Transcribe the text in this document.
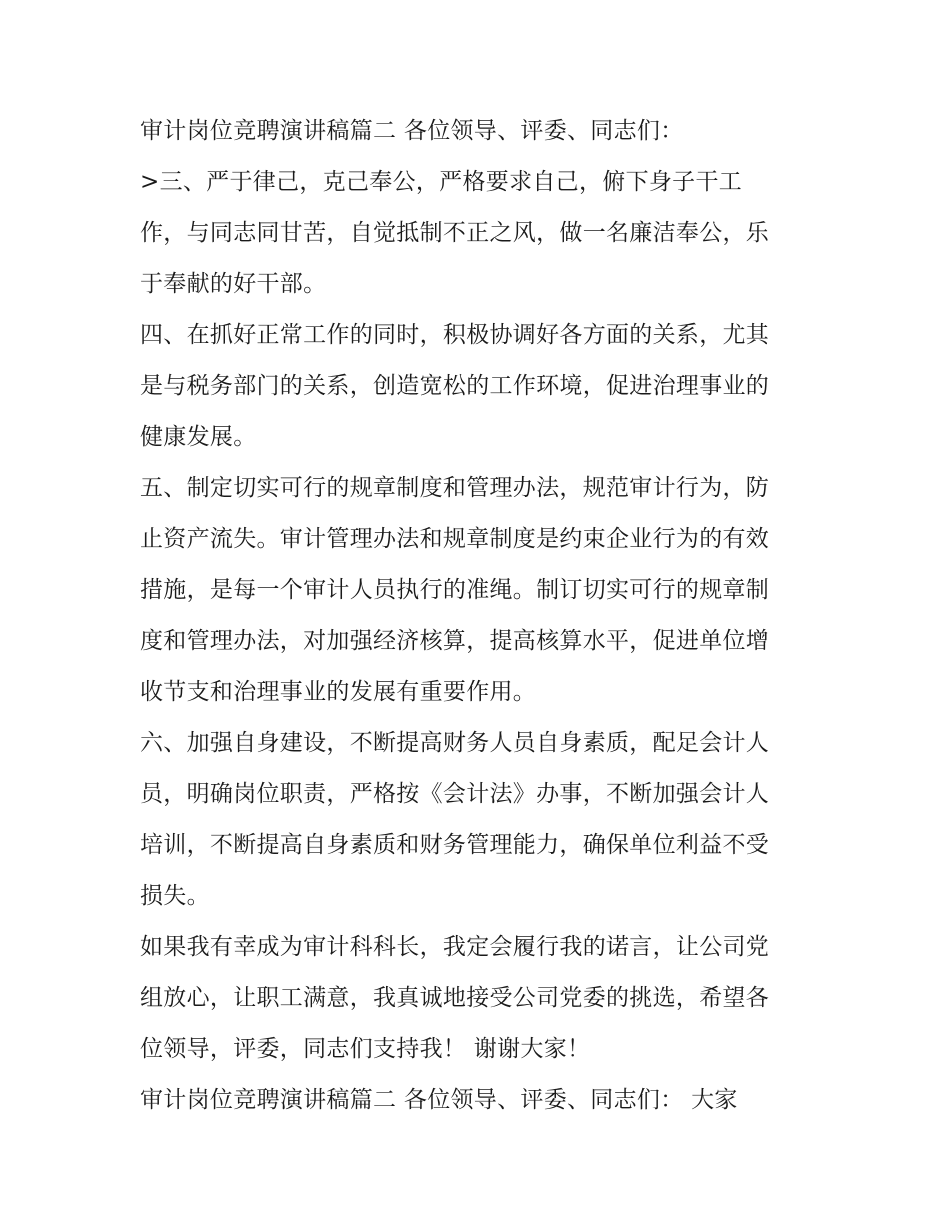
审计岗位竞聘演讲稿篇二 各位领导、评委、同志们：
>三、严于律己，克己奉公，严格要求自己，俯下身子干工
作，与同志同甘苦，自觉抵制不正之风，做一名廉洁奉公，乐
于奉献的好干部。
四、在抓好正常工作的同时，积极协调好各方面的关系，尤其
是与税务部门的关系，创造宽松的工作环境，促进治理事业的
健康发展。
五、制定切实可行的规章制度和管理办法，规范审计行为，防
止资产流失。审计管理办法和规章制度是约束企业行为的有效
措施，是每一个审计人员执行的准绳。制订切实可行的规章制
度和管理办法，对加强经济核算，提高核算水平，促进单位增
收节支和治理事业的发展有重要作用。
六、加强自身建设，不断提高财务人员自身素质，配足会计人
员，明确岗位职责，严格按《会计法》办事，不断加强会计人
培训，不断提高自身素质和财务管理能力，确保单位利益不受
损失。
如果我有幸成为审计科科长，我定会履行我的诺言，让公司党
组放心，让职工满意，我真诚地接受公司党委的挑选，希望各
位领导，评委，同志们支持我！ 谢谢大家！
审计岗位竞聘演讲稿篇二 各位领导、评委、同志们： 大家
